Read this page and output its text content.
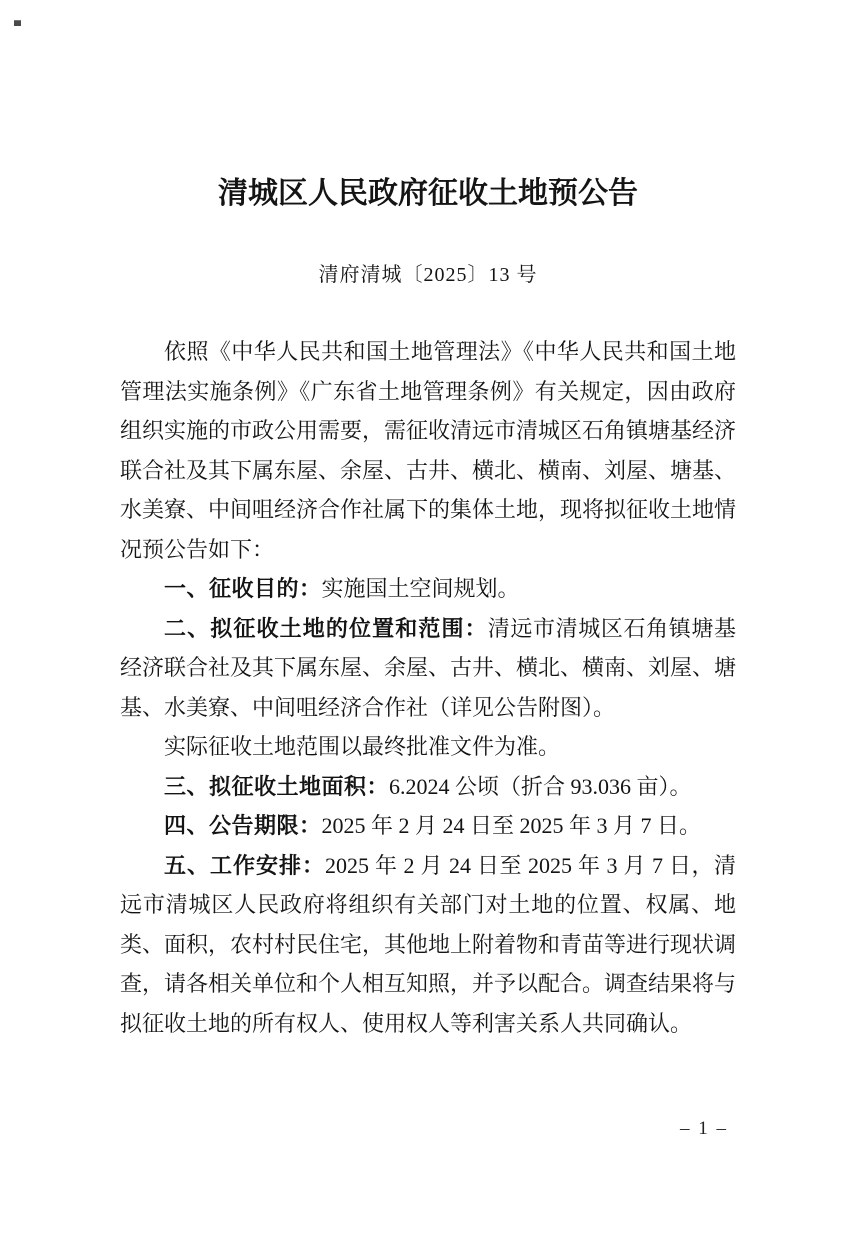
清城区人民政府征收土地预公告
清府清城〔2025〕13 号

依照《中华人民共和国土地管理法》《中华人民共和国土地管理法实施条例》《广东省土地管理条例》有关规定，因由政府组织实施的市政公用需要，需征收清远市清城区石角镇塘基经济联合社及其下属东屋、余屋、古井、横北、横南、刘屋、塘基、水美寮、中间咀经济合作社属下的集体土地，现将拟征收土地情况预公告如下：

一、征收目的：实施国土空间规划。

二、拟征收土地的位置和范围：清远市清城区石角镇塘基经济联合社及其下属东屋、余屋、古井、横北、横南、刘屋、塘基、水美寮、中间咀经济合作社（详见公告附图）。

实际征收土地范围以最终批准文件为准。

三、拟征收土地面积：6.2024 公顷（折合 93.036 亩）。

四、公告期限：2025 年 2 月 24 日至 2025 年 3 月 7 日。

五、工作安排：2025 年 2 月 24 日至 2025 年 3 月 7 日，清远市清城区人民政府将组织有关部门对土地的位置、权属、地类、面积，农村村民住宅，其他地上附着物和青苗等进行现状调查，请各相关单位和个人相互知照，并予以配合。调查结果将与拟征收土地的所有权人、使用权人等利害关系人共同确认。

– 1 –
